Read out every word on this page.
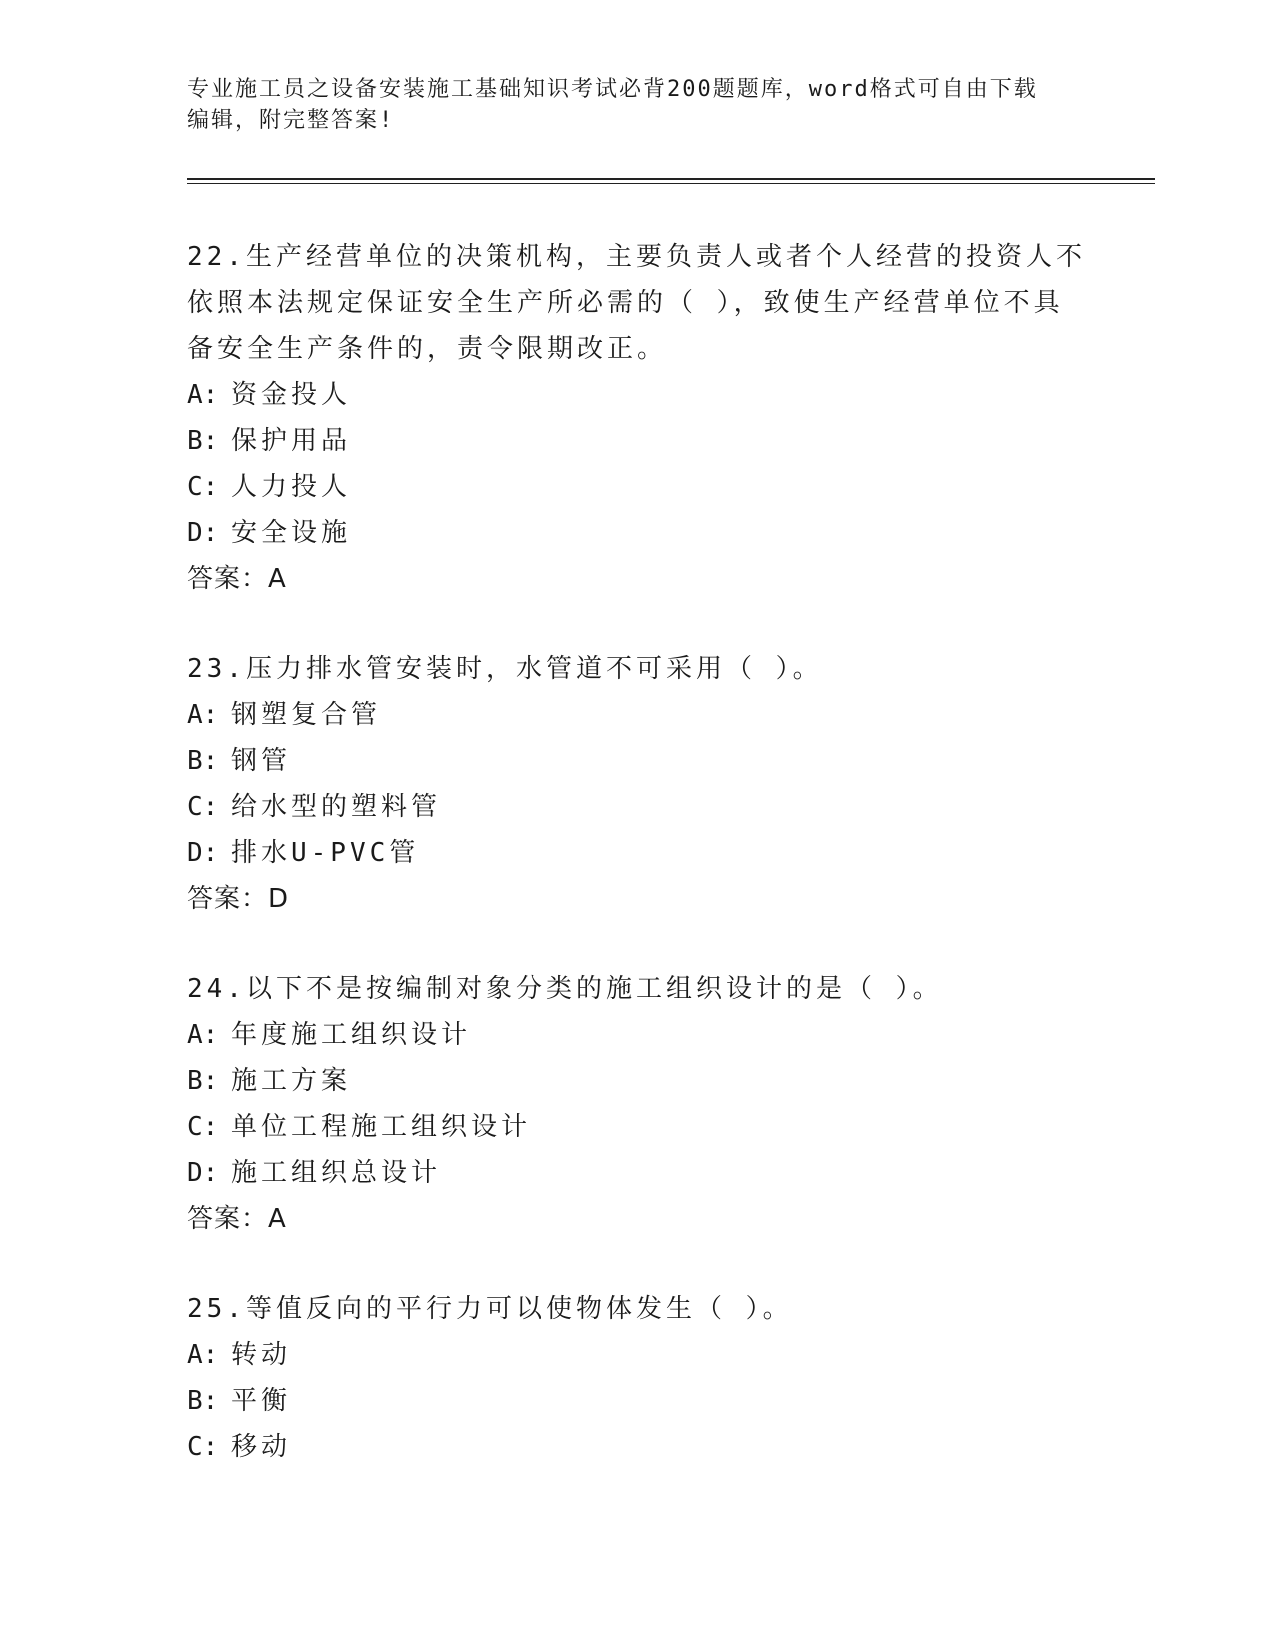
专业施工员之设备安装施工基础知识考试必背200题题库，word格式可自由下载
编辑，附完整答案!

22.生产经营单位的决策机构，主要负责人或者个人经营的投资人不依照本法规定保证安全生产所必需的（ ），致使生产经营单位不具备安全生产条件的，责令限期改正。

A: 资金投人

B: 保护用品

C: 人力投人

D: 安全设施

答案：A

23.压力排水管安装时，水管道不可采用（ ）。

A: 钢塑复合管

B: 钢管

C: 给水型的塑料管

D: 排水U-PVC管

答案：D

24.以下不是按编制对象分类的施工组织设计的是（ ）。

A: 年度施工组织设计

B: 施工方案

C: 单位工程施工组织设计

D: 施工组织总设计

答案：A

25.等值反向的平行力可以使物体发生（ ）。

A: 转动

B: 平衡

C: 移动
